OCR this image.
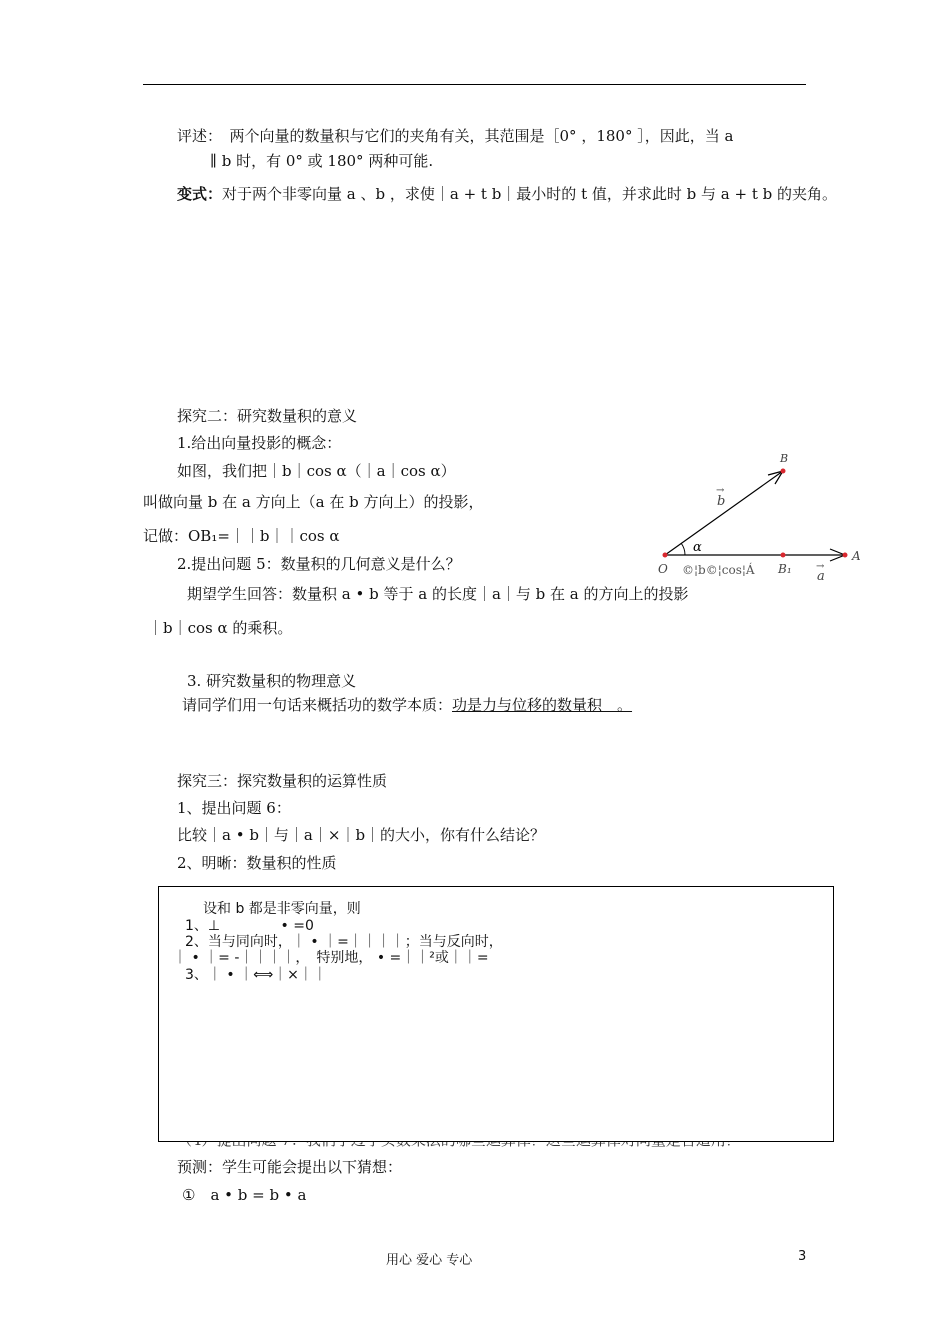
评述：　两个向量的数量积与它们的夹角有关，其范围是［0° ，180° ］，因此，当 a
∥ b 时，有 0° 或 180° 两种可能.
变式：对于两个非零向量 a 、b ，求使｜a + t b｜最小时的 t 值，并求此时 b 与 a + t b 的夹角。
探究二：研究数量积的意义
1.给出向量投影的概念：
如图，我们把｜b｜cos α（｜a｜cos α）
叫做向量 b 在 a 方向上（a 在 b 方向上）的投影，
记做：OB₁=｜｜b｜｜cos α
2.提出问题 5：数量积的几何意义是什么？
期望学生回答：数量积 a • b 等于 a 的长度｜a｜与 b 在 a 的方向上的投影
｜b｜cos α 的乘积。
3. 研究数量积的物理意义
请同学们用一句话来概括功的数学本质：功是力与位移的数量积　。
B
→
b
α
O ©¦b©¦cos¦Á B₁
A
→
a
探究三：探究数量积的运算性质
1、提出问题 6：
比较｜a • b｜与｜a｜×｜b｜的大小，你有什么结论？
2、明晰：数量积的性质
设和 b 都是非零向量，则
1、⊥　　　　 • =0
2、当与同向时，｜ • ｜=｜｜｜｜；当与反向时，
｜ • ｜= -｜｜｜｜，　特别地， • =｜｜²或｜｜=
3、｜ • ｜⟺｜×｜｜
预测：学生可能会提出以下猜想：
①　a • b = b • a
用心 爱心 专心	3
